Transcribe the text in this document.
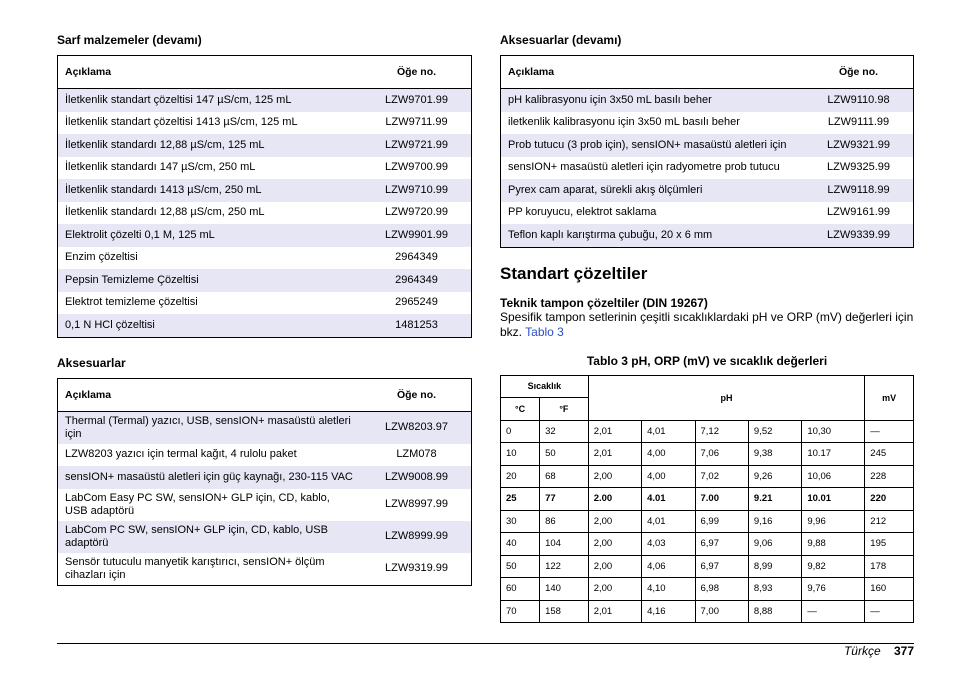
Sarf malzemeler (devamı)
Açıklama	Öğe no.
İletkenlik standart çözeltisi 147 µS/cm, 125 mL	LZW9701.99
İletkenlik standart çözeltisi 1413 µS/cm, 125 mL	LZW9711.99
İletkenlik standardı 12,88 µS/cm, 125 mL	LZW9721.99
İletkenlik standardı 147 µS/cm, 250 mL	LZW9700.99
İletkenlik standardı 1413 µS/cm, 250 mL	LZW9710.99
İletkenlik standardı 12,88 µS/cm, 250 mL	LZW9720.99
Elektrolit çözelti 0,1 M, 125 mL	LZW9901.99
Enzim çözeltisi	2964349
Pepsin Temizleme Çözeltisi	2964349
Elektrot temizleme çözeltisi	2965249
0,1 N HCl çözeltisi	1481253
Aksesuarlar
Açıklama	Öğe no.
Thermal (Termal) yazıcı, USB, sensION+ masaüstü aletleri için	LZW8203.97
LZW8203 yazıcı için termal kağıt, 4 rulolu paket	LZM078
sensION+ masaüstü aletleri için güç kaynağı, 230-115 VAC	LZW9008.99
LabCom Easy PC SW, sensION+ GLP için, CD, kablo, USB adaptörü	LZW8997.99
LabCom PC SW, sensION+ GLP için, CD, kablo, USB adaptörü	LZW8999.99
Sensör tutuculu manyetik karıştırıcı, sensION+ ölçüm cihazları için	LZW9319.99
Aksesuarlar (devamı)
Açıklama	Öğe no.
pH kalibrasyonu için 3x50 mL basılı beher	LZW9110.98
iletkenlik kalibrasyonu için 3x50 mL basılı beher	LZW9111.99
Prob tutucu (3 prob için), sensION+ masaüstü aletleri için	LZW9321.99
sensION+ masaüstü aletleri için radyometre prob tutucu	LZW9325.99
Pyrex cam aparat, sürekli akış ölçümleri	LZW9118.99
PP koruyucu, elektrot saklama	LZW9161.99
Teflon kaplı karıştırma çubuğu, 20 x 6 mm	LZW9339.99
Standart çözeltiler
Teknik tampon çözeltiler (DIN 19267)
Spesifik tampon setlerinin çeşitli sıcaklıklardaki pH ve ORP (mV) değerleri için bkz. Tablo 3
Tablo 3 pH, ORP (mV) ve sıcaklık değerleri
Sıcaklık		pH					mV
°C	°F						
0	32	2,01	4,01	7,12	9,52	10,30	—
10	50	2,01	4,00	7,06	9,38	10.17	245
20	68	2,00	4,00	7,02	9,26	10,06	228
25	77	2.00	4.01	7.00	9.21	10.01	220
30	86	2,00	4,01	6,99	9,16	9,96	212
40	104	2,00	4,03	6,97	9,06	9,88	195
50	122	2,00	4,06	6,97	8,99	9,82	178
60	140	2,00	4,10	6,98	8,93	9,76	160
70	158	2,01	4,16	7,00	8,88	—	—
Türkçe 377
